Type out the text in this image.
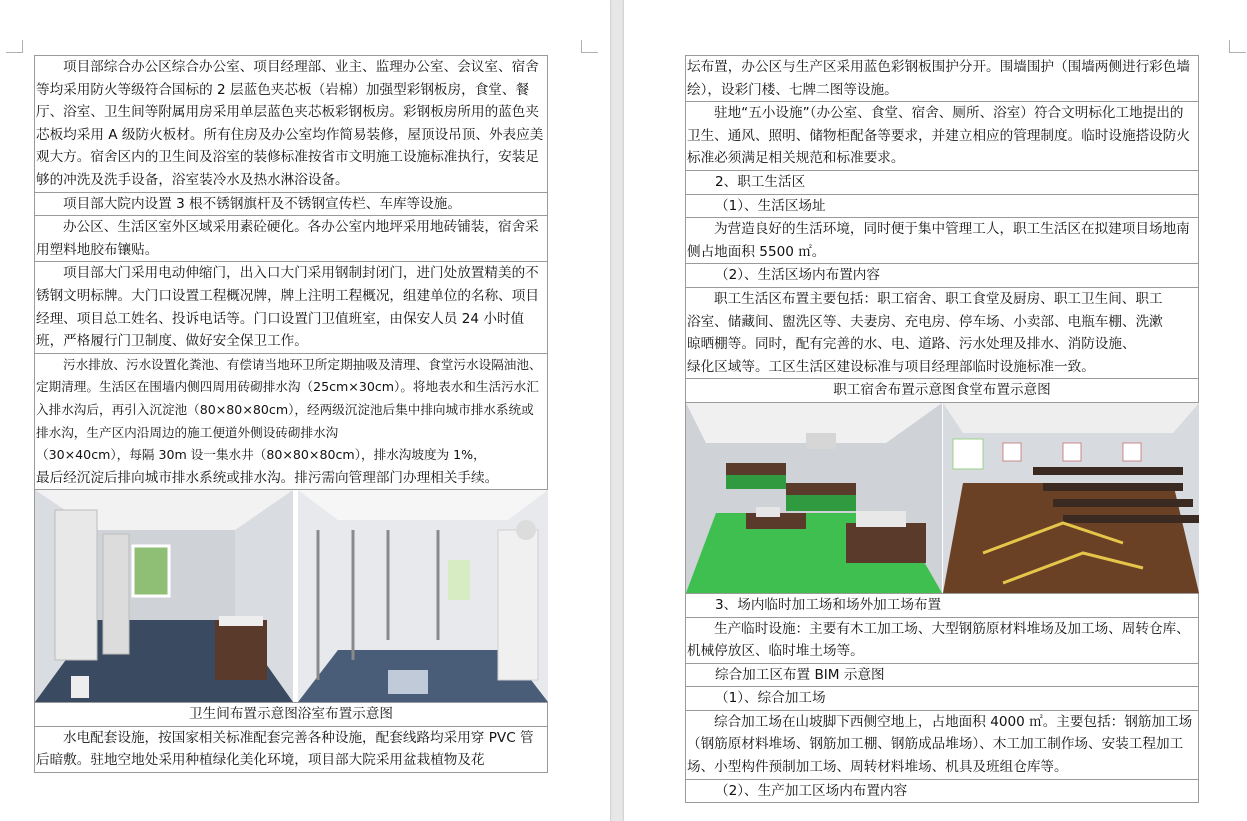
项目部综合办公区综合办公室、项目经理部、业主、监理办公室、会议室、宿舍等均采用防火等级符合国标的 2 层蓝色夹芯板（岩棉）加强型彩钢板房，食堂、餐厅、浴室、卫生间等附属用房采用单层蓝色夹芯板彩钢板房。彩钢板房所用的蓝色夹芯板均采用 A 级防火板材。所有住房及办公室均作简易装修，屋顶设吊顶、外表应美观大方。宿舍区内的卫生间及浴室的装修标准按省市文明施工设施标准执行，安装足够的冲洗及洗手设备，浴室装冷水及热水淋浴设备。
项目部大院内设置 3 根不锈钢旗杆及不锈钢宣传栏、车库等设施。
办公区、生活区室外区域采用素砼硬化。各办公室内地坪采用地砖铺装，宿舍采用塑料地胶布镶贴。
项目部大门采用电动伸缩门，出入口大门采用钢制封闭门，进门处放置精美的不锈钢文明标牌。大门口设置工程概况牌，牌上注明工程概况，组建单位的名称、项目经理、项目总工姓名、投诉电话等。门口设置门卫值班室，由保安人员 24 小时值班，严格履行门卫制度、做好安全保卫工作。
污水排放、污水设置化粪池、有偿请当地环卫所定期抽吸及清理、食堂污水设隔油池、定期清理。生活区在围墙内侧四周用砖砌排水沟（25cm×30cm）。将地表水和生活污水汇入排水沟后，再引入沉淀池（80×80×80cm），经两级沉淀池后集中排向城市排水系统或排水沟，生产区内沿周边的施工便道外侧设砖砌排水沟
（30×40cm），每隔 30m 设一集水井（80×80×80cm），排水沟坡度为 1%，
最后经沉淀后排向城市排水系统或排水沟。排污需向管理部门办理相关手续。
卫生间布置示意图浴室布置示意图
水电配套设施，按国家相关标准配套完善各种设施，配套线路均采用穿 PVC 管后暗敷。驻地空地处采用种植绿化美化环境，项目部大院采用盆栽植物及花
坛布置，办公区与生产区采用蓝色彩钢板围护分开。围墙围护（围墙两侧进行彩色墙绘），设彩门楼、七牌二图等设施。
驻地“五小设施”（办公室、食堂、宿舍、厕所、浴室）符合文明标化工地提出的卫生、通风、照明、储物柜配备等要求，并建立相应的管理制度。临时设施搭设防火标准必须满足相关规范和标准要求。
2、职工生活区
（1）、生活区场址
为营造良好的生活环境，同时便于集中管理工人，职工生活区在拟建项目场地南侧占地面积 5500 ㎡。
（2）、生活区场内布置内容
职工生活区布置主要包括：职工宿舍、职工食堂及厨房、职工卫生间、职工
浴室、储藏间、盥洗区等、夫妻房、充电房、停车场、小卖部、电瓶车棚、洗漱
晾晒棚等。同时，配有完善的水、电、道路、污水处理及排水、消防设施、
绿化区域等。工区生活区建设标准与项目经理部临时设施标准一致。
职工宿舍布置示意图食堂布置示意图
3、场内临时加工场和场外加工场布置
生产临时设施：主要有木工加工场、大型钢筋原材料堆场及加工场、周转仓库、机械停放区、临时堆土场等。
综合加工区布置 BIM 示意图
（1）、综合加工场
综合加工场在山坡脚下西侧空地上，占地面积 4000 ㎡。主要包括：钢筋加工场（钢筋原材料堆场、钢筋加工棚、钢筋成品堆场）、木工加工制作场、安装工程加工场、小型构件预制加工场、周转材料堆场、机具及班组仓库等。
（2）、生产加工区场内布置内容
